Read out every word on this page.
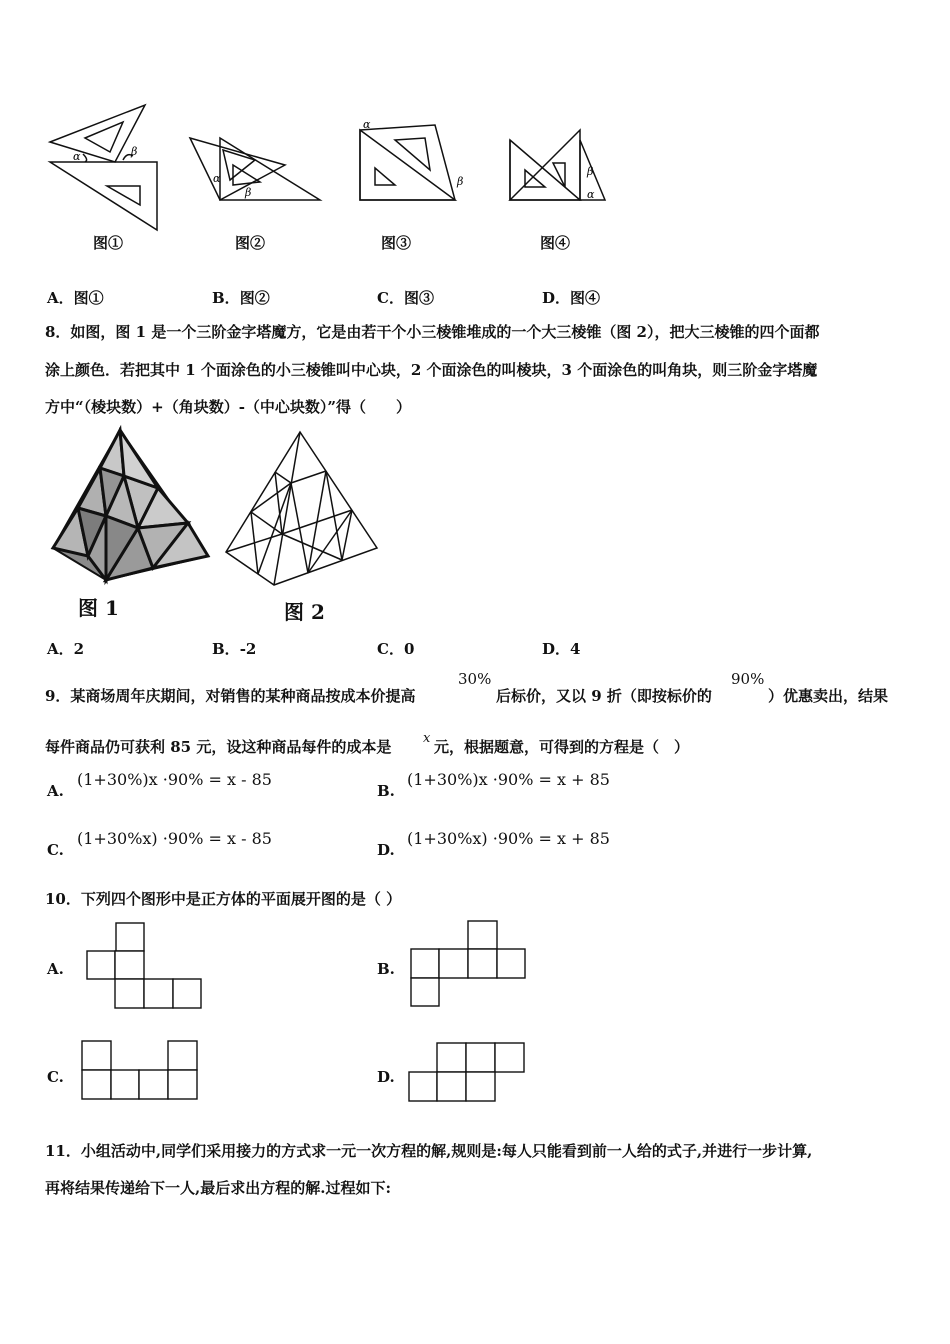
α	β
图①
α
β
图②
α
β
图③
β
α
图④
A．图①	B．图②	C．图③	D．图④
8．如图，图 1 是一个三阶金字塔魔方，它是由若干个小三棱锥堆成的一个大三棱锥（图 2），把大三棱锥的四个面都
涂上颜色．若把其中 1 个面涂色的小三棱锥叫中心块，2 个面涂色的叫棱块，3 个面涂色的叫角块，则三阶金字塔魔
方中“（棱块数）+（角块数）-（中心块数）”得（　　）
图 1	图 2
A．2	B．-2	C．0	D．4
9．某商场周年庆期间，对销售的某种商品按成本价提高
30%
后标价，又以 9 折（即按标价的
90%
）优惠卖出，结果
每件商品仍可获利 85 元，设这种商品每件的成本是 x 元，根据题意，可得到的方程是（　）
A.
(1+30%)x ·90% = x - 85
B.
(1+30%)x ·90% = x + 85
C.
(1+30%x) ·90% = x - 85
D.
(1+30%x) ·90% = x + 85
10．下列四个图形中是正方体的平面展开图的是（ ）
A.	B.
C.	D.
11．小组活动中,同学们采用接力的方式求一元一次方程的解,规则是:每人只能看到前一人给的式子,并进行一步计算,
再将结果传递给下一人,最后求出方程的解.过程如下:
